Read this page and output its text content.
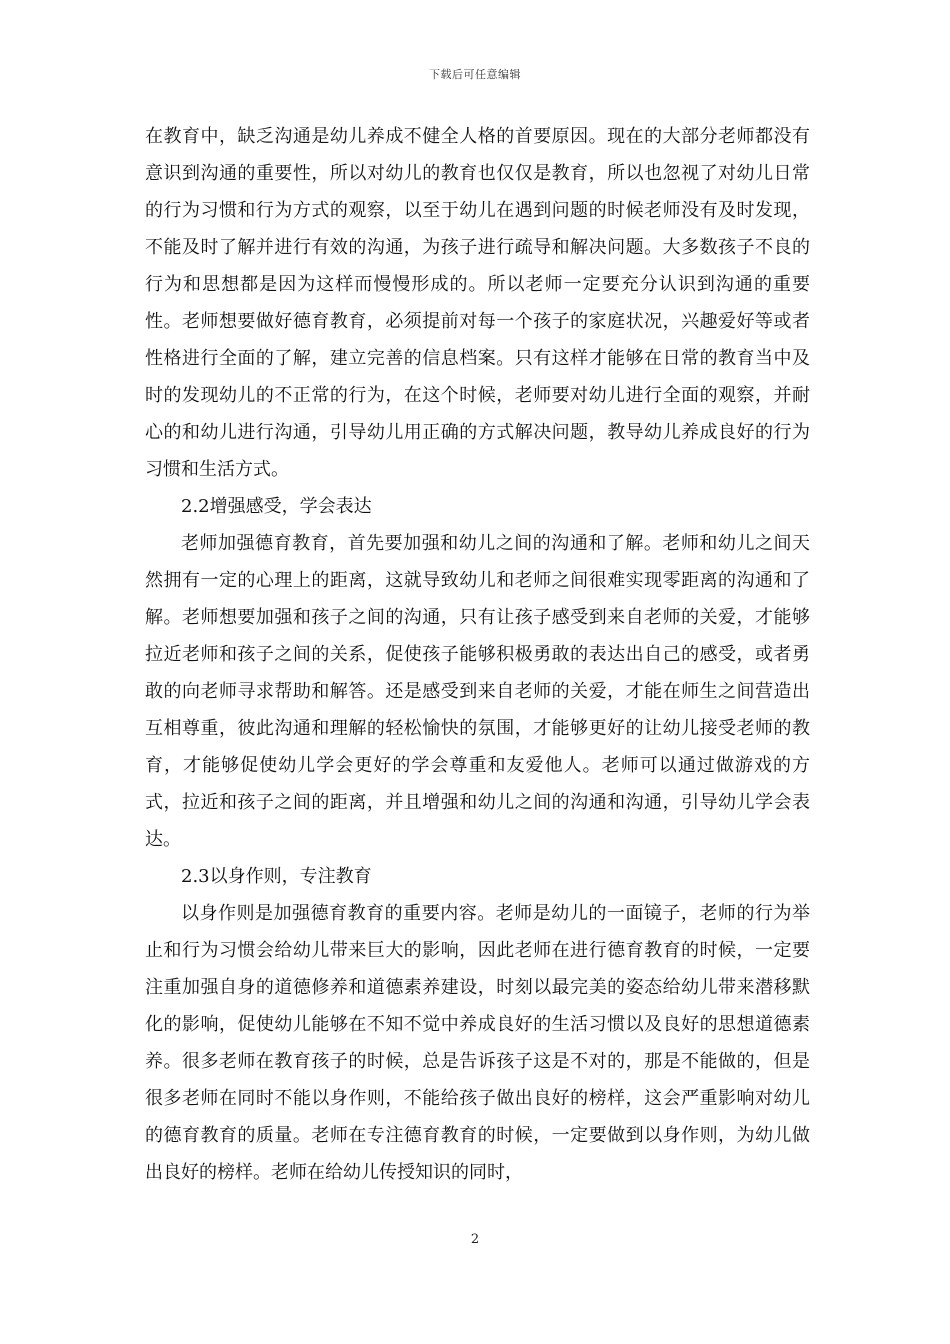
下载后可任意编辑

在教育中，缺乏沟通是幼儿养成不健全人格的首要原因。现在的大部分老师都没有意识到沟通的重要性，所以对幼儿的教育也仅仅是教育，所以也忽视了对幼儿日常的行为习惯和行为方式的观察，以至于幼儿在遇到问题的时候老师没有及时发现，不能及时了解并进行有效的沟通，为孩子进行疏导和解决问题。大多数孩子不良的行为和思想都是因为这样而慢慢形成的。所以老师一定要充分认识到沟通的重要性。老师想要做好德育教育，必须提前对每一个孩子的家庭状况，兴趣爱好等或者性格进行全面的了解，建立完善的信息档案。只有这样才能够在日常的教育当中及时的发现幼儿的不正常的行为，在这个时候，老师要对幼儿进行全面的观察，并耐心的和幼儿进行沟通，引导幼儿用正确的方式解决问题，教导幼儿养成良好的行为习惯和生活方式。

2.2增强感受，学会表达

老师加强德育教育，首先要加强和幼儿之间的沟通和了解。老师和幼儿之间天然拥有一定的心理上的距离，这就导致幼儿和老师之间很难实现零距离的沟通和了解。老师想要加强和孩子之间的沟通，只有让孩子感受到来自老师的关爱，才能够拉近老师和孩子之间的关系，促使孩子能够积极勇敢的表达出自己的感受，或者勇敢的向老师寻求帮助和解答。还是感受到来自老师的关爱，才能在师生之间营造出互相尊重，彼此沟通和理解的轻松愉快的氛围，才能够更好的让幼儿接受老师的教育，才能够促使幼儿学会更好的学会尊重和友爱他人。老师可以通过做游戏的方式，拉近和孩子之间的距离，并且增强和幼儿之间的沟通和沟通，引导幼儿学会表达。

2.3以身作则，专注教育

以身作则是加强德育教育的重要内容。老师是幼儿的一面镜子，老师的行为举止和行为习惯会给幼儿带来巨大的影响，因此老师在进行德育教育的时候，一定要注重加强自身的道德修养和道德素养建设，时刻以最完美的姿态给幼儿带来潜移默化的影响，促使幼儿能够在不知不觉中养成良好的生活习惯以及良好的思想道德素养。很多老师在教育孩子的时候，总是告诉孩子这是不对的，那是不能做的，但是很多老师在同时不能以身作则，不能给孩子做出良好的榜样，这会严重影响对幼儿的德育教育的质量。老师在专注德育教育的时候，一定要做到以身作则，为幼儿做出良好的榜样。老师在给幼儿传授知识的同时，

2
